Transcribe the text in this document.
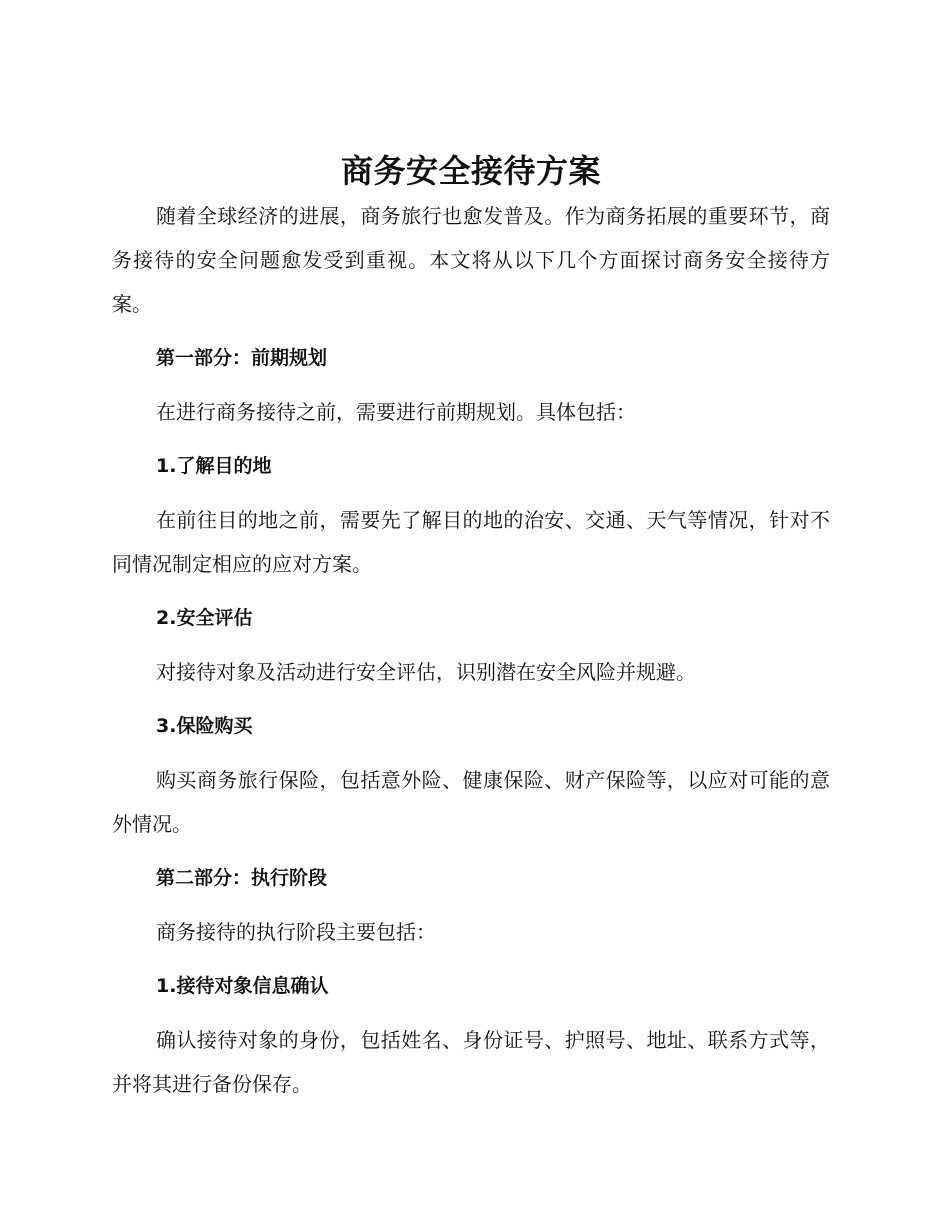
商务安全接待方案

随着全球经济的进展，商务旅行也愈发普及。作为商务拓展的重要环节，商务接待的安全问题愈发受到重视。本文将从以下几个方面探讨商务安全接待方案。

第一部分：前期规划

在进行商务接待之前，需要进行前期规划。具体包括：

1.了解目的地

在前往目的地之前，需要先了解目的地的治安、交通、天气等情况，针对不同情况制定相应的应对方案。

2.安全评估

对接待对象及活动进行安全评估，识别潜在安全风险并规避。

3.保险购买

购买商务旅行保险，包括意外险、健康保险、财产保险等，以应对可能的意外情况。

第二部分：执行阶段

商务接待的执行阶段主要包括：

1.接待对象信息确认

确认接待对象的身份，包括姓名、身份证号、护照号、地址、联系方式等，并将其进行备份保存。
